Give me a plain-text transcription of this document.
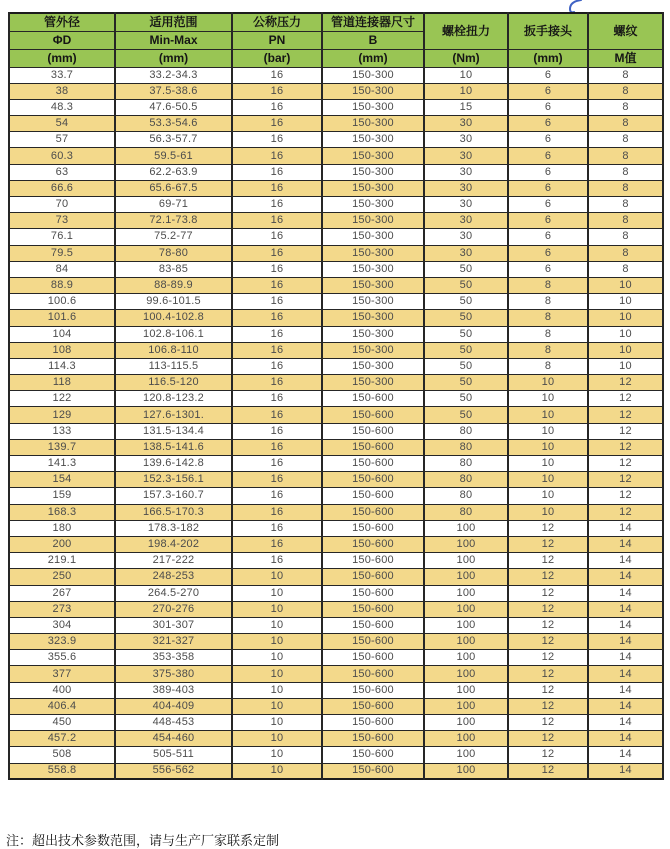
管外径	适用范围	公称压力	管道连接器尺寸	螺栓扭力	扳手接头	螺纹
ΦD	Min-Max	PN	B			
(mm)	(mm)	(bar)	(mm)	(Nm)	(mm)	M值
33.7	33.2-34.3	16	150-300	10	6	8
38	37.5-38.6	16	150-300	10	6	8
48.3	47.6-50.5	16	150-300	15	6	8
54	53.3-54.6	16	150-300	30	6	8
57	56.3-57.7	16	150-300	30	6	8
60.3	59.5-61	16	150-300	30	6	8
63	62.2-63.9	16	150-300	30	6	8
66.6	65.6-67.5	16	150-300	30	6	8
70	69-71	16	150-300	30	6	8
73	72.1-73.8	16	150-300	30	6	8
76.1	75.2-77	16	150-300	30	6	8
79.5	78-80	16	150-300	30	6	8
84	83-85	16	150-300	50	6	8
88.9	88-89.9	16	150-300	50	8	10
100.6	99.6-101.5	16	150-300	50	8	10
101.6	100.4-102.8	16	150-300	50	8	10
104	102.8-106.1	16	150-300	50	8	10
108	106.8-110	16	150-300	50	8	10
114.3	113-115.5	16	150-300	50	8	10
118	116.5-120	16	150-300	50	10	12
122	120.8-123.2	16	150-600	50	10	12
129	127.6-1301.	16	150-600	50	10	12
133	131.5-134.4	16	150-600	80	10	12
139.7	138.5-141.6	16	150-600	80	10	12
141.3	139.6-142.8	16	150-600	80	10	12
154	152.3-156.1	16	150-600	80	10	12
159	157.3-160.7	16	150-600	80	10	12
168.3	166.5-170.3	16	150-600	80	10	12
180	178.3-182	16	150-600	100	12	14
200	198.4-202	16	150-600	100	12	14
219.1	217-222	16	150-600	100	12	14
250	248-253	10	150-600	100	12	14
267	264.5-270	10	150-600	100	12	14
273	270-276	10	150-600	100	12	14
304	301-307	10	150-600	100	12	14
323.9	321-327	10	150-600	100	12	14
355.6	353-358	10	150-600	100	12	14
377	375-380	10	150-600	100	12	14
400	389-403	10	150-600	100	12	14
406.4	404-409	10	150-600	100	12	14
450	448-453	10	150-600	100	12	14
457.2	454-460	10	150-600	100	12	14
508	505-511	10	150-600	100	12	14
558.8	556-562	10	150-600	100	12	14
注：超出技术参数范围，请与生产厂家联系定制
